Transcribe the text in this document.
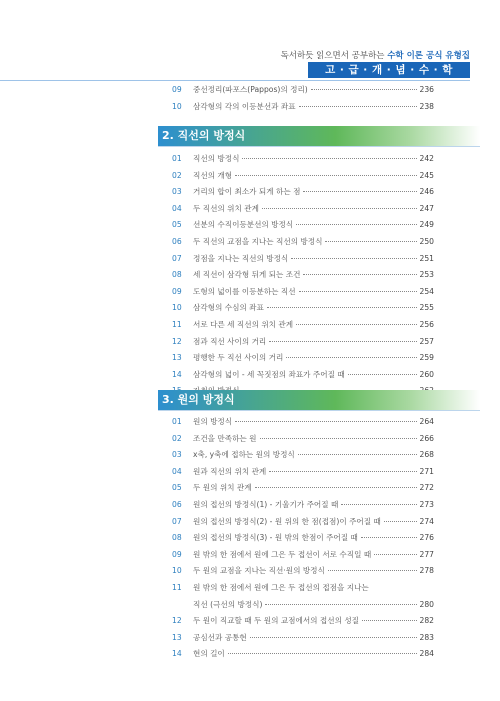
독서하듯 읽으면서 공부하는 수학 이론 공식 유형집
고 · 급 · 개 · 념 · 수 · 학
09	중선정리(파포스(Pappos)의 정리)	236
10	삼각형의 각의 이등분선과 좌표	238
2. 직선의 방정식
01	직선의 방정식	242
02	직선의 개형	245
03	거리의 합이 최소가 되게 하는 점	246
04	두 직선의 위치 관계	247
05	선분의 수직이등분선의 방정식	249
06	두 직선의 교점을 지나는 직선의 방정식	250
07	정점을 지나는 직선의 방정식	251
08	세 직선이 삼각형 뒤게 되는 조건	253
09	도형의 넓이를 이등분하는 직선	254
10	삼각형의 수심의 좌표	255
11	서로 다른 세 직선의 위치 관계	256
12	점과 직선 사이의 거리	257
13	평행한 두 직선 사이의 거리	259
14	삼각형의 넓이 - 세 꼭짓점의 좌표가 주어질 때	260
3. 원의 방정식
01	원의 방정식	264
02	조건을 만족하는 원	266
03	x축, y축에 접하는 원의 방정식	268
04	원과 직선의 위치 관계	271
05	두 원의 위치 관계	272
06	원의 접선의 방정식(1) - 기울기가 주어질 때	273
07	원의 접선의 방정식(2) - 원 위의 한 점(접점)이 주어질 때	274
08	원의 접선의 방정식(3) - 원 밖의 한점이 주어질 때	276
09	원 밖의 한 점에서 원에 그은 두 접선이 서로 수직일 때	277
10	두 원의 교점을 지나는 직선·원의 방정식	278
11	원 밖의 한 점에서 원에 그은 두 접선의 접점을 지나는
직선 (극선의 방정식)	280
12	두 원이 직교할 때 두 원의 교점에서의 접선의 성질	282
13	공심선과 공통현	283
14	현의 길이	284
